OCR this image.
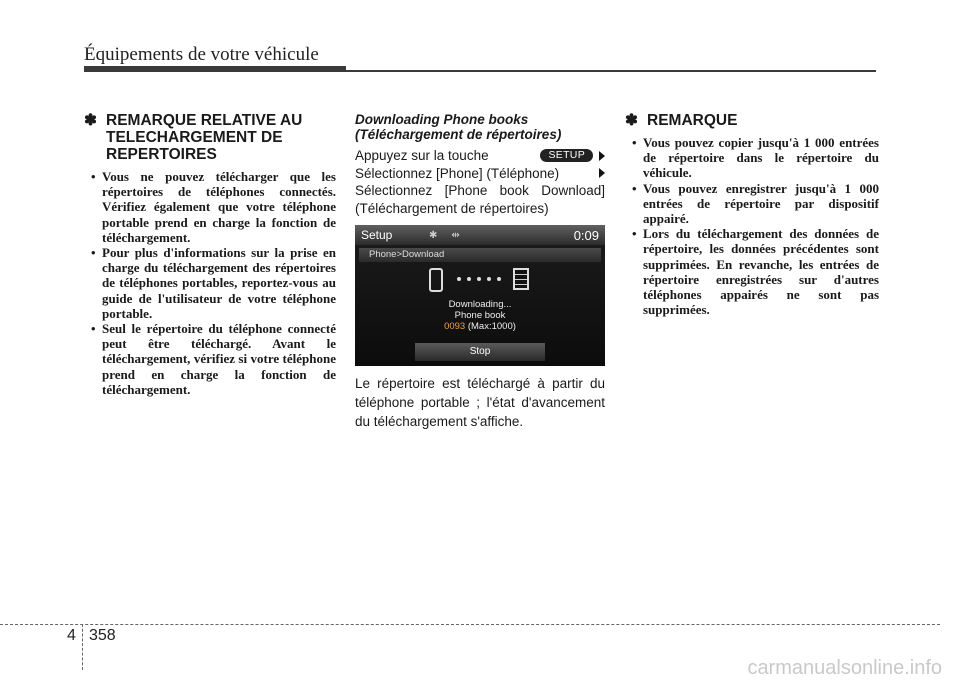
Équipements de votre véhicule
✽ REMARQUE RELATIVE AU TELECHARGEMENT DE REPERTOIRES
• Vous ne pouvez télécharger que les répertoires de téléphones connectés. Vérifiez également que votre téléphone portable prend en charge la fonction de téléchargement.
• Pour plus d'informations sur la prise en charge du téléchargement des répertoires de téléphones portables, reportez-vous au guide de l'utilisateur de votre téléphone portable.
• Seul le répertoire du téléphone connecté peut être téléchargé. Avant le téléchargement, vérifiez si votre téléphone prend en charge la fonction de téléchargement.
Downloading Phone books
(Téléchargement de répertoires)
Appuyez sur la touche	SETUP
Sélectionnez [Phone] (Téléphone)

Sélectionnez [Phone book Download] (Téléchargement de répertoires)

Setup	✱ ⇹	0:09
Phone>Download
Downloading...
Phone book
0093 (Max:1000)
Stop

Le répertoire est téléchargé à partir du téléphone portable ; l'état d'avancement du téléchargement s'affiche.

✽ REMARQUE
• Vous pouvez copier jusqu'à 1 000 entrées de répertoire dans le répertoire du véhicule.
• Vous pouvez enregistrer jusqu'à 1 000 entrées de répertoire par dispositif appairé.
• Lors du téléchargement des données de répertoire, les données précédentes sont supprimées. En revanche, les entrées de répertoire enregistrées sur d'autres téléphones appairés ne sont pas supprimées.
4 358
carmanualsonline.info
